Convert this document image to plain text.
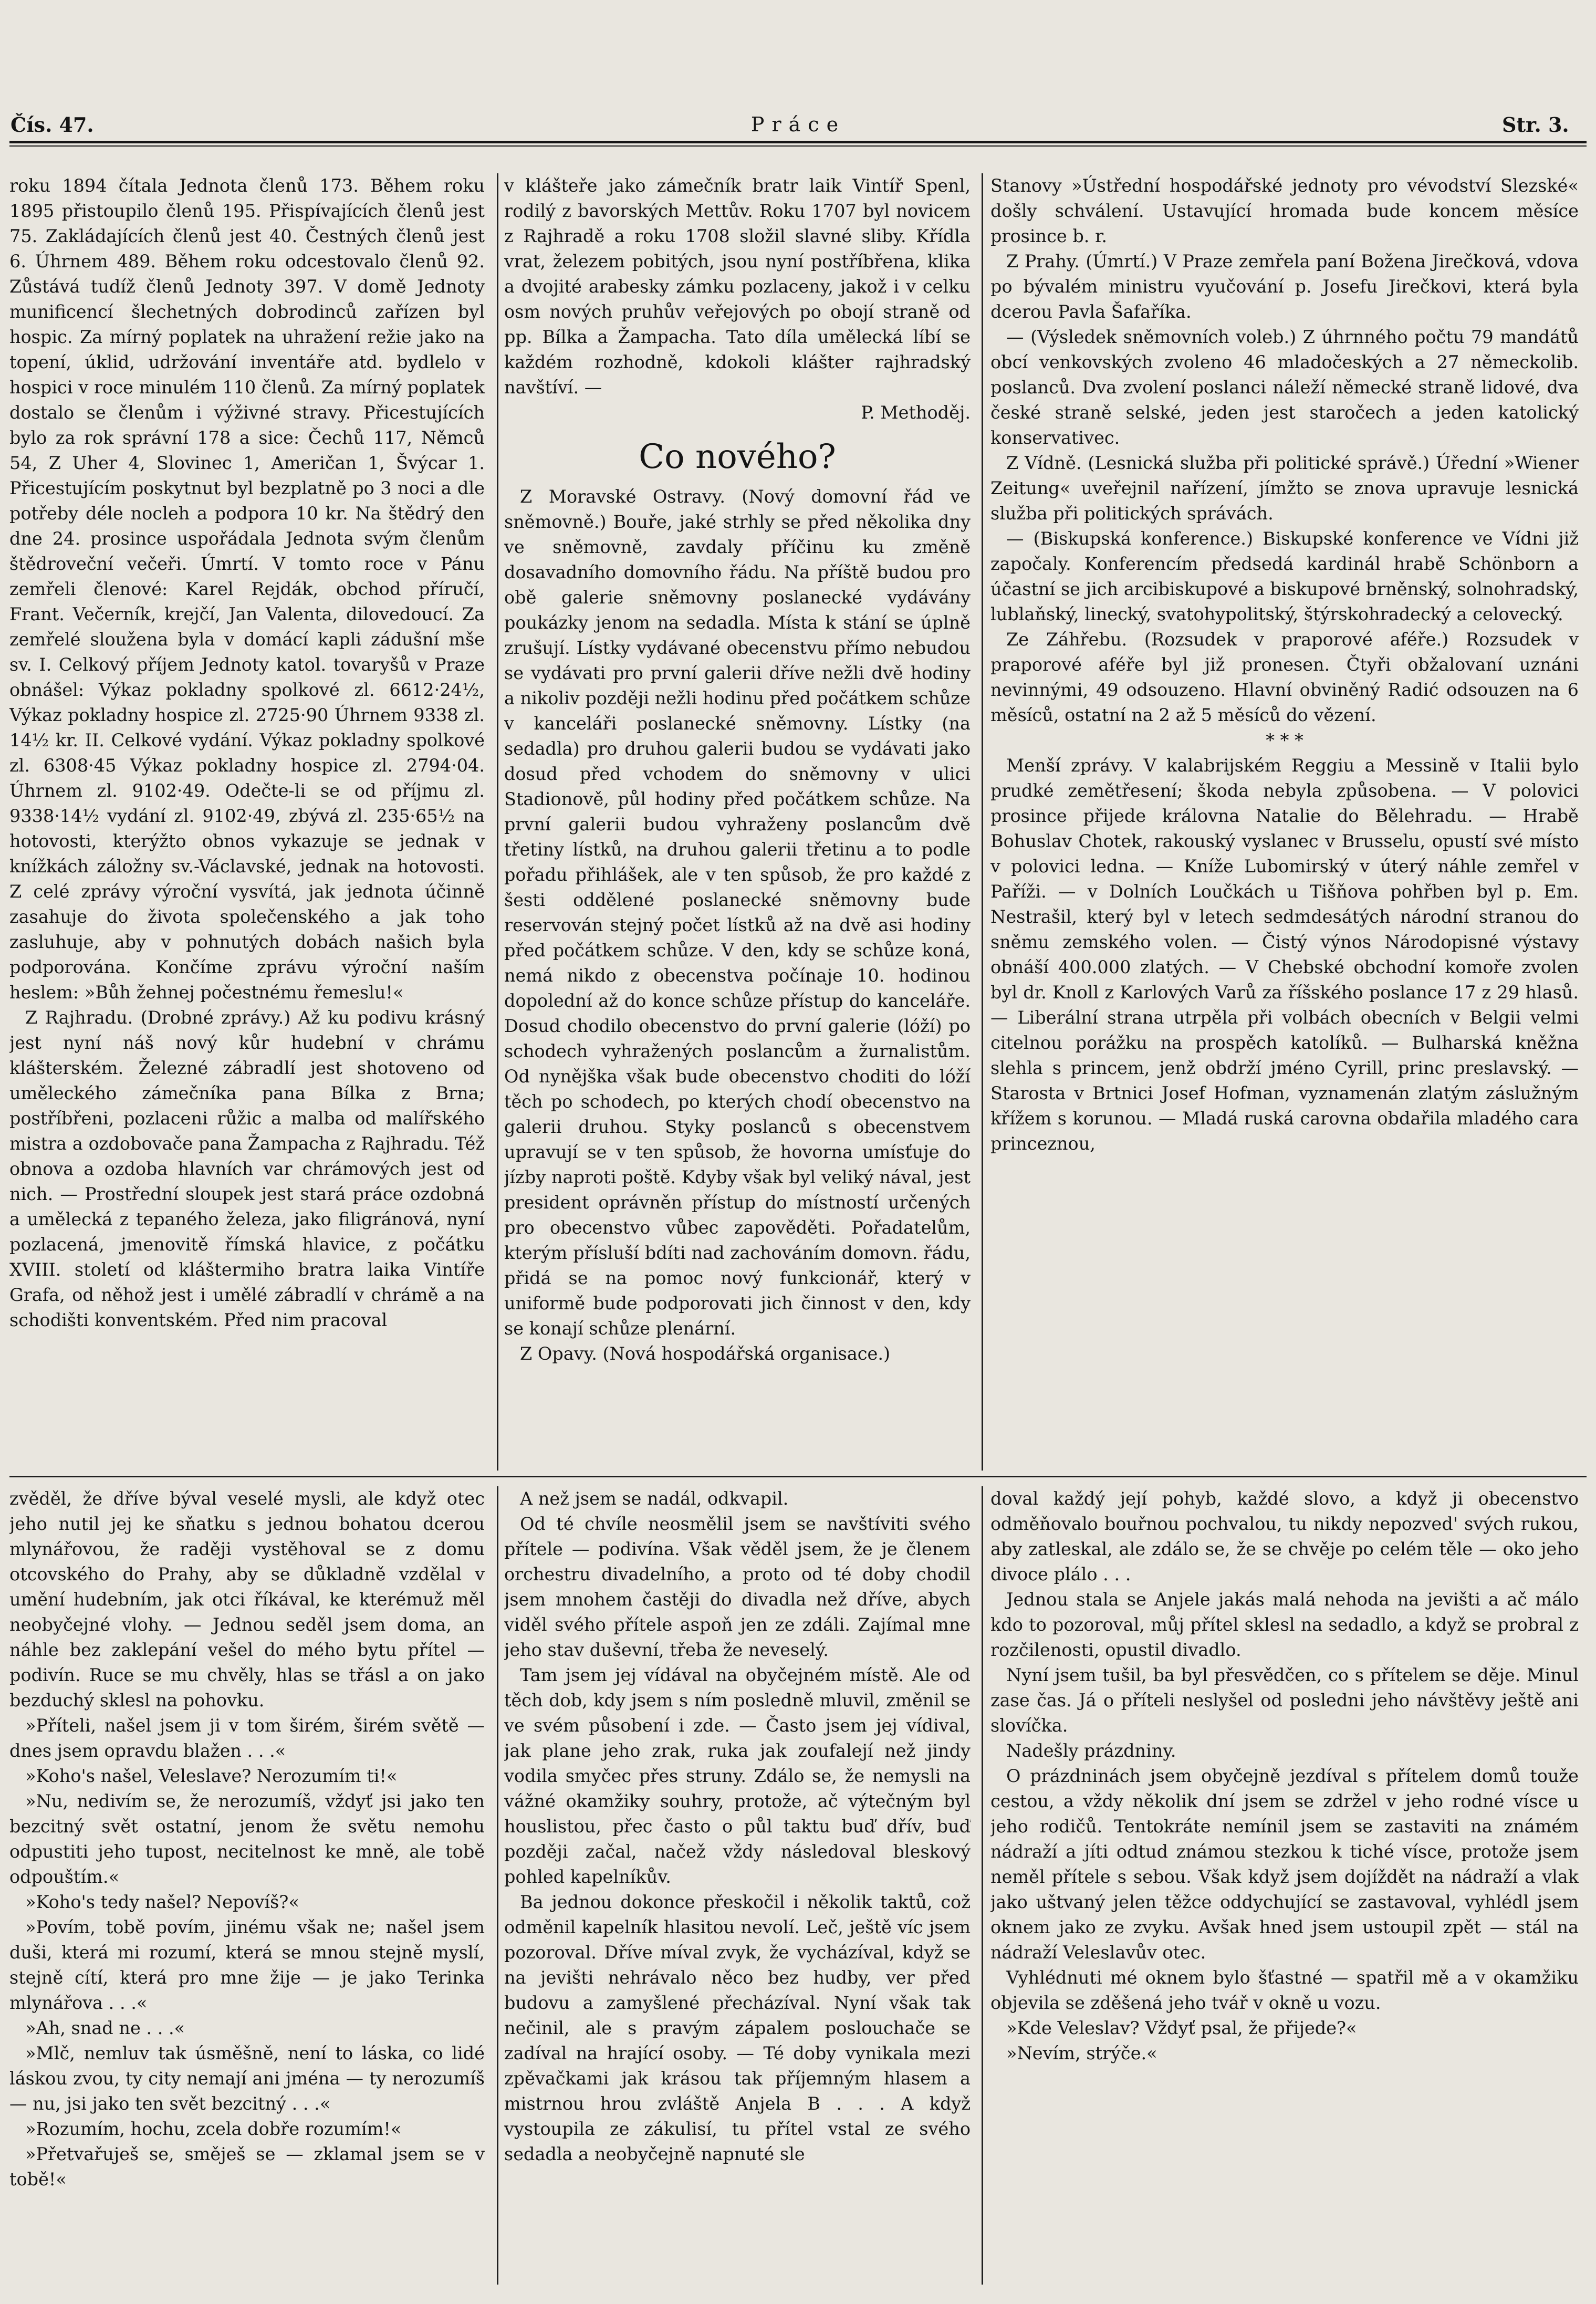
Čís. 47.	Práce	Str. 3.

roku 1894 čítala Jednota členů 173. Během roku 1895 přistoupilo členů 195. Přispívajících členů jest 75. Zakládajících členů jest 40. Čestných členů jest 6. Úhrnem 489. Během roku odcestovalo členů 92. Zůstává tudíž členů Jednoty 397. V domě Jednoty munificencí šlechetných dobrodinců zařízen byl hospic. Za mírný poplatek na uhražení režie jako na topení, úklid, udržování inventáře atd. bydlelo v hospici v roce minulém 110 členů. Za mírný poplatek dostalo se členům i výživné stravy. Přicestujících bylo za rok správní 178 a sice: Čechů 117, Němců 54, Z Uher 4, Slovinec 1, Američan 1, Švýcar 1. Přicestujícím poskytnut byl bezplatně po 3 noci a dle potřeby déle nocleh a podpora 10 kr. Na štědrý den dne 24. prosince uspořádala Jednota svým členům štědroveční večeři. Úmrtí. V tomto roce v Pánu zemřeli členové: Karel Rejdák, obchod příručí, Frant. Večerník, krejčí, Jan Valenta, dilovedoucí. Za zemřelé sloužena byla v domácí kapli zádušní mše sv. I. Celkový příjem Jednoty katol. tovaryšů v Praze obnášel: Výkaz pokladny spolkové zl. 6612·24½, Výkaz pokladny hospice zl. 2725·90 Úhrnem 9338 zl. 14½ kr. II. Celkové vydání. Výkaz pokladny spolkové zl. 6308·45 Výkaz pokladny hospice zl. 2794·04. Úhrnem zl. 9102·49. Odečte-li se od příjmu zl. 9338·14½ vydání zl. 9102·49, zbývá zl. 235·65½ na hotovosti, kterýžto obnos vykazuje se jednak v knížkách záložny sv.-Václavské, jednak na hotovosti. Z celé zprávy výroční vysvítá, jak jednota účinně zasahuje do života společenského a jak toho zasluhuje, aby v pohnutých dobách našich byla podporována. Končíme zprávu výroční naším heslem: »Bůh žehnej počestnému řemeslu!«

Z Rajhradu. (Drobné zprávy.) Až ku podivu krásný jest nyní náš nový kůr hudební v chrámu klášterském. Železné zábradlí jest shotoveno od uměleckého zámečníka pana Bílka z Brna; postříbřeni, pozlaceni růžic a malba od malířského mistra a ozdobovače pana Žampacha z Rajhradu. Též obnova a ozdoba hlavních var chrámových jest od nich. — Prostřední sloupek jest stará práce ozdobná a umělecká z tepaného železa, jako filigránová, nyní pozlacená, jmenovitě římská hlavice, z počátku XVIII. století od kláštermiho bratra laika Vintíře Grafa, od něhož jest i umělé zábradlí v chrámě a na schodišti konventském. Před nim pracoval

v klášteře jako zámečník bratr laik Vintíř Spenl, rodilý z bavorských Mettův. Roku 1707 byl novicem z Rajhradě a roku 1708 složil slavné sliby. Křídla vrat, železem pobitých, jsou nyní postříbřena, klika a dvojité arabesky zámku pozlaceny, jakož i v celku osm nových pruhův veřejových po obojí straně od pp. Bílka a Žampacha. Tato díla umělecká líbí se každém rozhodně, kdokoli klášter rajhradský navštíví. —

P. Methoděj.

Co nového?

Z Moravské Ostravy. (Nový domovní řád ve sněmovně.) Bouře, jaké strhly se před několika dny ve sněmovně, zavdaly příčinu ku změně dosavadního domovního řádu. Na příště budou pro obě galerie sněmovny poslanecké vydávány poukázky jenom na sedadla. Místa k stání se úplně zrušují. Lístky vydávané obecenstvu přímo nebudou se vydávati pro první galerii dříve nežli dvě hodiny a nikoliv později nežli hodinu před počátkem schůze v kanceláři poslanecké sněmovny. Lístky (na sedadla) pro druhou galerii budou se vydávati jako dosud před vchodem do sněmovny v ulici Stadionově, půl hodiny před počátkem schůze. Na první galerii budou vyhraženy poslancům dvě třetiny lístků, na druhou galerii třetinu a to podle pořadu přihlášek, ale v ten spůsob, že pro každé z šesti oddělené poslanecké sněmovny bude reservován stejný počet lístků až na dvě asi hodiny před počátkem schůze. V den, kdy se schůze koná, nemá nikdo z obecenstva počínaje 10. hodinou dopolední až do konce schůze přístup do kanceláře. Dosud chodilo obecenstvo do první galerie (lóží) po schodech vyhražených poslancům a žurnalistům. Od nynějška však bude obecenstvo choditi do lóží těch po schodech, po kterých chodí obecenstvo na galerii druhou. Styky poslanců s obecenstvem upravují se v ten spůsob, že hovorna umísťuje do jízby naproti poště. Kdyby však byl veliký nával, jest president oprávněn přístup do místností určených pro obecenstvo vůbec zapověděti. Pořadatelům, kterým přísluší bdíti nad zachováním domovn. řádu, přidá se na pomoc nový funkcionář, který v uniformě bude podporovati jich činnost v den, kdy se konají schůze plenární.

Z Opavy. (Nová hospodářská organisace.)

Stanovy »Ústřední hospodářské jednoty pro vévodství Slezské« došly schválení. Ustavující hromada bude koncem měsíce prosince b. r.

Z Prahy. (Úmrtí.) V Praze zemřela paní Božena Jirečková, vdova po bývalém ministru vyučování p. Josefu Jirečkovi, která byla dcerou Pavla Šafaříka.

— (Výsledek sněmovních voleb.) Z úhrnného počtu 79 mandátů obcí venkovských zvoleno 46 mladočeských a 27 německolib. poslanců. Dva zvolení poslanci náleží německé straně lidové, dva české straně selské, jeden jest staročech a jeden katolický konservativec.

Z Vídně. (Lesnická služba při politické správě.) Úřední »Wiener Zeitung« uveřejnil nařízení, jímžto se znova upravuje lesnická služba při politických správách.

— (Biskupská konference.) Biskupské konference ve Vídni již započaly. Konferencím předsedá kardinál hrabě Schönborn a účastní se jich arcibiskupové a biskupové brněnský, solnohradský, lublaňský, linecký, svatohypolitský, štýrskohradecký a celovecký.

Ze Záhřebu. (Rozsudek v praporové aféře.) Rozsudek v praporové aféře byl již pronesen. Čtyři obžalovaní uznáni nevinnými, 49 odsouzeno. Hlavní obviněný Radić odsouzen na 6 měsíců, ostatní na 2 až 5 měsíců do vězení.

* * *

Menší zprávy. V kalabrijském Reggiu a Messině v Italii bylo prudké zemětřesení; škoda nebyla způsobena. — V polovici prosince přijede královna Natalie do Bělehradu. — Hrabě Bohuslav Chotek, rakouský vyslanec v Brusselu, opustí své místo v polovici ledna. — Kníže Lubomirský v úterý náhle zemřel v Paříži. — v Dolních Loučkách u Tišňova pohřben byl p. Em. Nestrašil, který byl v letech sedmdesátých národní stranou do sněmu zemského volen. — Čistý výnos Národopisné výstavy obnáší 400.000 zlatých. — V Chebské obchodní komoře zvolen byl dr. Knoll z Karlových Varů za říšského poslance 17 z 29 hlasů. — Liberální strana utrpěla při volbách obecních v Belgii velmi citelnou porážku na prospěch katolíků. — Bulharská kněžna slehla s princem, jenž obdrží jméno Cyrill, princ preslavský. — Starosta v Brtnici Josef Hofman, vyznamenán zlatým záslužným křížem s korunou. — Mladá ruská carovna obdařila mladého cara princeznou,

zvěděl, že dříve býval veselé mysli, ale když otec jeho nutil jej ke sňatku s jednou bohatou dcerou mlynářovou, že raději vystěhoval se z domu otcovského do Prahy, aby se důkladně vzdělal v umění hudebním, jak otci říkával, ke kterémuž měl neobyčejné vlohy. — Jednou seděl jsem doma, an náhle bez zaklepání vešel do mého bytu přítel — podivín. Ruce se mu chvěly, hlas se třásl a on jako bezduchý sklesl na pohovku.

»Příteli, našel jsem ji v tom širém, širém světě — dnes jsem opravdu blažen . . .«

»Koho's našel, Veleslave? Nerozumím ti!«

»Nu, nedivím se, že nerozumíš, vždyť jsi jako ten bezcitný svět ostatní, jenom že světu nemohu odpustiti jeho tupost, necitelnost ke mně, ale tobě odpouštím.«

»Koho's tedy našel? Nepovíš?«

»Povím, tobě povím, jinému však ne; našel jsem duši, která mi rozumí, která se mnou stejně myslí, stejně cítí, která pro mne žije — je jako Terinka mlynářova . . .«

»Ah, snad ne . . .«

»Mlč, nemluv tak úsměšně, není to láska, co lidé láskou zvou, ty city nemají ani jména — ty nerozumíš — nu, jsi jako ten svět bezcitný . . .«

»Rozumím, hochu, zcela dobře rozumím!«

»Přetvařuješ se, směješ se — zklamal jsem se v tobě!«

A než jsem se nadál, odkvapil.

Od té chvíle neosmělil jsem se navštíviti svého přítele — podivína. Však věděl jsem, že je členem orchestru divadelního, a proto od té doby chodil jsem mnohem častěji do divadla než dříve, abych viděl svého přítele aspoň jen ze zdáli. Zajímal mne jeho stav duševní, třeba že neveselý.

Tam jsem jej vídával na obyčejném místě. Ale od těch dob, kdy jsem s ním posledně mluvil, změnil se ve svém působení i zde. — Často jsem jej vídival, jak plane jeho zrak, ruka jak zoufalejí než jindy vodila smyčec přes struny. Zdálo se, že nemysli na vážné okamžiky souhry, protože, ač výtečným byl houslistou, přec často o půl taktu buď dřív, buď později začal, načež vždy následoval bleskový pohled kapelníkův.

Ba jednou dokonce přeskočil i několik taktů, což odměnil kapelník hlasitou nevolí. Leč, ještě víc jsem pozoroval. Dříve míval zvyk, že vycházíval, když se na jevišti nehrávalo něco bez hudby, ver před budovu a zamyšlené přecházíval. Nyní však tak nečinil, ale s pravým zápalem poslouchače se zadíval na hrající osoby. — Té doby vynikala mezi zpěvačkami jak krásou tak příjemným hlasem a mistrnou hrou zvláště Anjela B . . . A když vystoupila ze zákulisí, tu přítel vstal ze svého sedadla a neobyčejně napnuté sle

doval každý její pohyb, každé slovo, a když ji obecenstvo odměňovalo bouřnou pochvalou, tu nikdy nepozved' svých rukou, aby zatleskal, ale zdálo se, že se chvěje po celém těle — oko jeho divoce plálo . . .

Jednou stala se Anjele jakás malá nehoda na jevišti a ač málo kdo to pozoroval, můj přítel sklesl na sedadlo, a když se probral z rozčilenosti, opustil divadlo.

Nyní jsem tušil, ba byl přesvědčen, co s přítelem se děje. Minul zase čas. Já o příteli neslyšel od posledni jeho návštěvy ještě ani slovíčka.

Nadešly prázdniny.

O prázdninách jsem obyčejně jezdíval s přítelem domů touže cestou, a vždy několik dní jsem se zdržel v jeho rodné vísce u jeho rodičů. Tentokráte nemínil jsem se zastaviti na známém nádraží a jíti odtud známou stezkou k tiché vísce, protože jsem neměl přítele s sebou. Však když jsem dojíždět na nádraží a vlak jako uštvaný jelen těžce oddychující se zastavoval, vyhlédl jsem oknem jako ze zvyku. Avšak hned jsem ustoupil zpět — stál na nádraží Veleslavův otec.

Vyhlédnuti mé oknem bylo šťastné — spatřil mě a v okamžiku objevila se zděšená jeho tvář v okně u vozu.

»Kde Veleslav? Vždyť psal, že přijede?«

»Nevím, strýče.«
